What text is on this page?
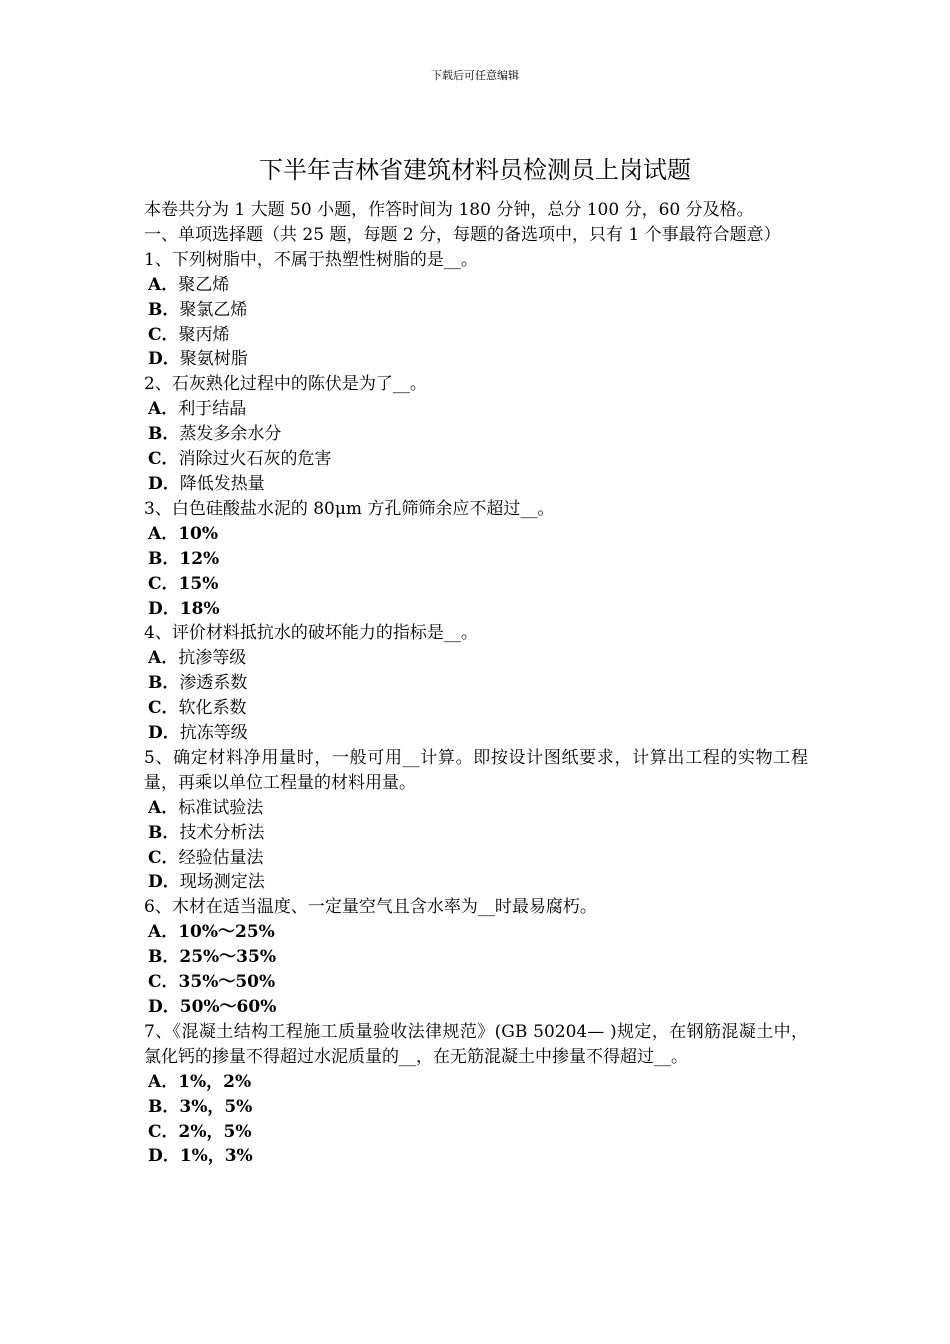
下载后可任意编辑
下半年吉林省建筑材料员检测员上岗试题

本卷共分为 1 大题 50 小题，作答时间为 180 分钟，总分 100 分，60 分及格。

一、单项选择题（共 25 题，每题 2 分，每题的备选项中，只有 1 个事最符合题意）

1、下列树脂中，不属于热塑性树脂的是__。

A．聚乙烯

B．聚氯乙烯

C．聚丙烯

D．聚氨树脂

2、石灰熟化过程中的陈伏是为了__。

A．利于结晶

B．蒸发多余水分

C．消除过火石灰的危害

D．降低发热量

3、白色硅酸盐水泥的 80μm 方孔筛筛余应不超过__。

A．10%

B．12%

C．15%

D．18%

4、评价材料抵抗水的破坏能力的指标是__。

A．抗渗等级

B．渗透系数

C．软化系数

D．抗冻等级

5、确定材料净用量时，一般可用__计算。即按设计图纸要求，计算出工程的实物工程量，再乘以单位工程量的材料用量。

A．标准试验法

B．技术分析法

C．经验估量法

D．现场测定法

6、木材在适当温度、一定量空气且含水率为__时最易腐朽。

A．10%～25%

B．25%～35%

C．35%～50%

D．50%～60%

7、《混凝土结构工程施工质量验收法律规范》(GB 50204— )规定，在钢筋混凝土中，氯化钙的掺量不得超过水泥质量的__，在无筋混凝土中掺量不得超过__。

A．1%，2%

B．3%，5%

C．2%，5%

D．1%，3%
